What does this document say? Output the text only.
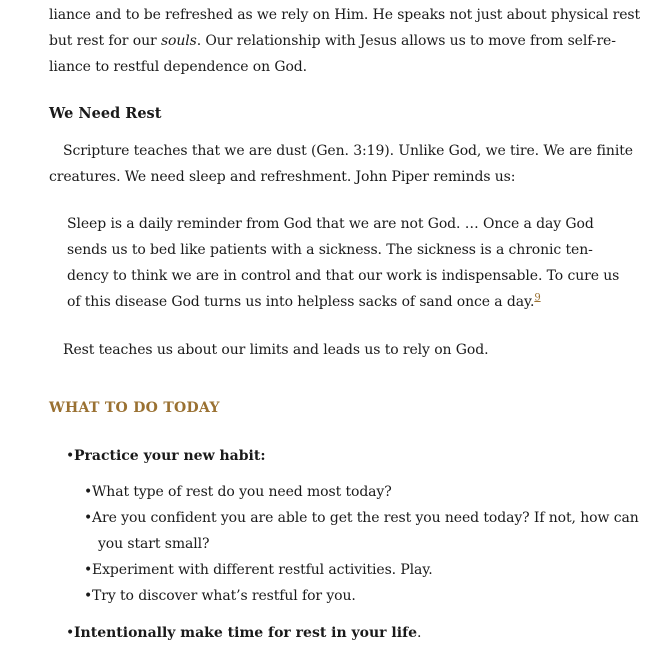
liance and to be refreshed as we rely on Him. He speaks not just about physical rest
but rest for our souls. Our relationship with Jesus allows us to move from self-re-
liance to restful dependence on God.
We Need Rest
Scripture teaches that we are dust (Gen. 3:19). Unlike God, we tire. We are finite
creatures. We need sleep and refreshment. John Piper reminds us:
Sleep is a daily reminder from God that we are not God. … Once a day God
sends us to bed like patients with a sickness. The sickness is a chronic ten-
dency to think we are in control and that our work is indispensable. To cure us
of this disease God turns us into helpless sacks of sand once a day.$^9$
Rest teaches us about our limits and leads us to rely on God.
WHAT TO DO TODAY
•Practice your new habit:
•What type of rest do you need most today?
•Are you confident you are able to get the rest you need today? If not, how can
you start small?
•Experiment with different restful activities. Play.
•Try to discover what’s restful for you.
•Intentionally make time for rest in your life.
